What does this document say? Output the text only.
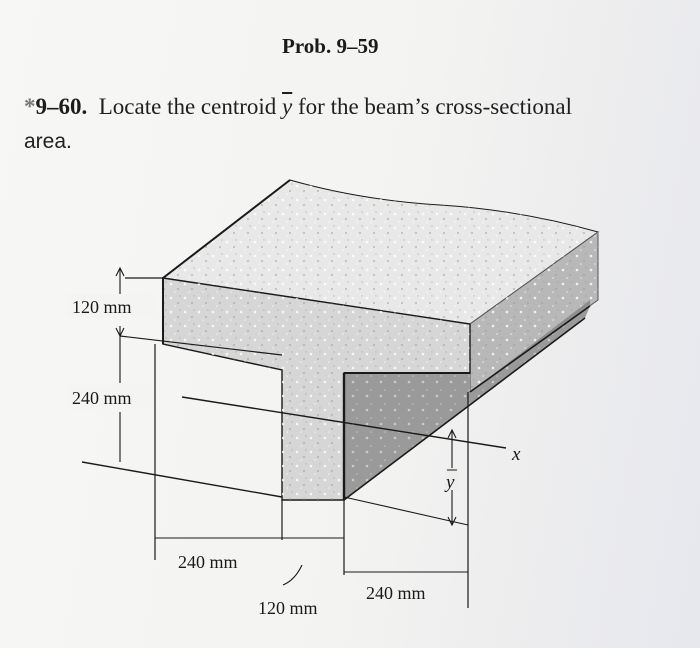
Prob. 9–59
*9–60. Locate the centroid $\overline{y}$ for the beam’s cross-sectional
area.
120 mm
240 mm
240 mm
120 mm
240 mm
y
x
